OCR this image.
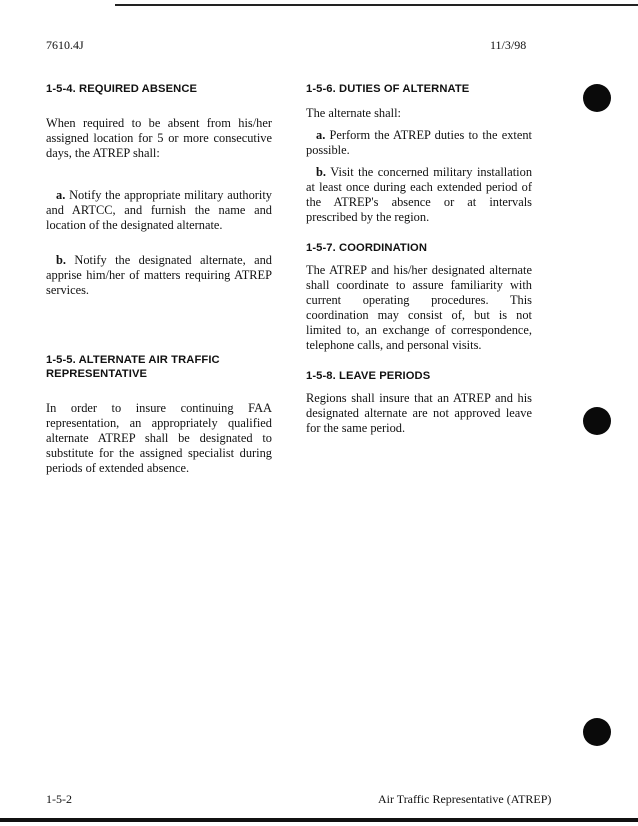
7610.4J	11/3/98
1-5-4. REQUIRED ABSENCE

When required to be absent from his/her assigned location for 5 or more consecutive days, the ATREP shall:

a. Notify the appropriate military authority and ARTCC, and furnish the name and location of the designated alternate.

b. Notify the designated alternate, and apprise him/her of matters requiring ATREP services.

1-5-5. ALTERNATE AIR TRAFFIC REPRESENTATIVE

In order to insure continuing FAA representation, an appropriately qualified alternate ATREP shall be designated to substitute for the assigned specialist during periods of extended absence.

1-5-6. DUTIES OF ALTERNATE

The alternate shall:

a. Perform the ATREP duties to the extent possible.

b. Visit the concerned military installation at least once during each extended period of the ATREP's absence or at intervals prescribed by the region.

1-5-7. COORDINATION

The ATREP and his/her designated alternate shall coordinate to assure familiarity with current operating procedures. This coordination may consist of, but is not limited to, an exchange of correspondence, telephone calls, and personal visits.

1-5-8. LEAVE PERIODS

Regions shall insure that an ATREP and his designated alternate are not approved leave for the same period.

1-5-2	Air Traffic Representative (ATREP)
